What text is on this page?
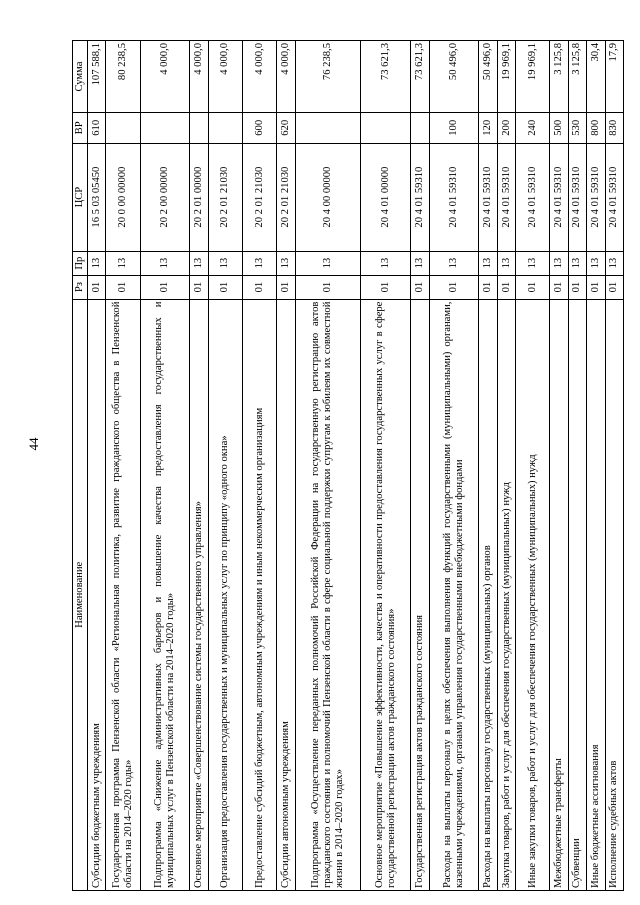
44
Наименование	Рз	Пр	ЦСР	ВР	Сумма
Субсидии бюджетным учреждениям	01	13	16 5 03 05450	610	107 588,1
Государственная программа Пензенской области «Региональная политика, развитие гражданского общества в Пензенской области на 2014–2020 годы»	01	13	20 0 00 00000		80 238,5
Подпрограмма «Снижение административных барьеров и повышение качества предоставления государственных и муниципальных услуг в Пензенской области на 2014–2020 годы»	01	13	20 2 00 00000		4 000,0
Основное мероприятие «Совершенствование системы государственного управления»	01	13	20 2 01 00000		4 000,0
Организация предоставления государственных и муниципальных услуг по принципу «одного окна»	01	13	20 2 01 21030		4 000,0
Предоставление субсидий бюджетным, автономным учреждениям и иным некоммерческим организациям	01	13	20 2 01 21030	600	4 000,0
Субсидии автономным учреждениям	01	13	20 2 01 21030	620	4 000,0
Подпрограмма «Осуществление переданных полномочий Российской Федерации на государственную регистрацию актов гражданского состояния и полномочий Пензенской области в сфере социальной поддержки супругам к юбилеям их совместной жизни в 2014–2020 годах»	01	13	20 4 00 00000		76 238,5
Основное мероприятие «Повышение эффективности, качества и оперативности предоставления государственных услуг в сфере государственной регистрации актов гражданского состояния»	01	13	20 4 01 00000		73 621,3
Государственная регистрация актов гражданского состояния	01	13	20 4 01 59310		73 621,3
Расходы на выплаты персоналу в целях обеспечения выполнения функций государственными (муниципальными) органами, казенными учреждениями, органами управления государственными внебюджетными фондами	01	13	20 4 01 59310	100	50 496,0
Расходы на выплаты персоналу государственных (муниципальных) органов	01	13	20 4 01 59310	120	50 496,0
Закупка товаров, работ и услуг для обеспечения государственных (муниципальных) нужд	01	13	20 4 01 59310	200	19 969,1
Иные закупки товаров, работ и услуг для обеспечения государственных (муниципальных) нужд	01	13	20 4 01 59310	240	19 969,1
Межбюджетные трансферты	01	13	20 4 01 59310	500	3 125,8
Субвенции	01	13	20 4 01 59310	530	3 125,8
Иные бюджетные ассигнования	01	13	20 4 01 59310	800	30,4
Исполнение судебных актов	01	13	20 4 01 59310	830	17,9
